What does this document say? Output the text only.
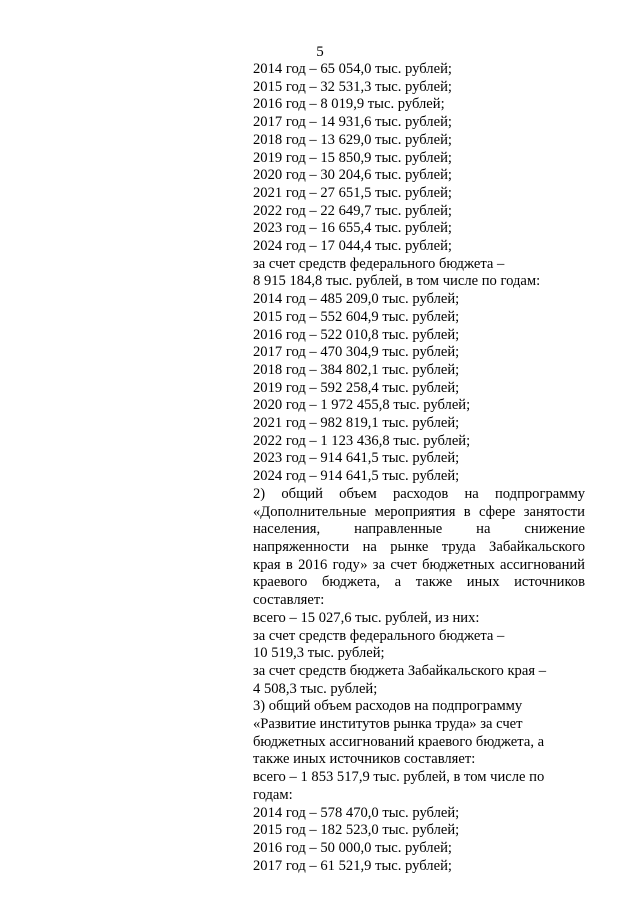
5
2014 год – 65 054,0 тыс. рублей;
2015 год – 32 531,3 тыс. рублей;
2016 год – 8 019,9 тыс. рублей;
2017 год – 14 931,6 тыс. рублей;
2018 год – 13 629,0 тыс. рублей;
2019 год – 15 850,9 тыс. рублей;
2020 год – 30 204,6 тыс. рублей;
2021 год – 27 651,5 тыс. рублей;
2022 год – 22 649,7 тыс. рублей;
2023 год – 16 655,4 тыс. рублей;
2024 год – 17 044,4 тыс. рублей;
за счет средств федерального бюджета –
8 915 184,8 тыс. рублей, в том числе по годам:
2014 год – 485 209,0 тыс. рублей;
2015 год – 552 604,9 тыс. рублей;
2016 год – 522 010,8 тыс. рублей;
2017 год – 470 304,9 тыс. рублей;
2018 год – 384 802,1 тыс. рублей;
2019 год – 592 258,4 тыс. рублей;
2020 год – 1 972 455,8 тыс. рублей;
2021 год – 982 819,1 тыс. рублей;
2022 год – 1 123 436,8 тыс. рублей;
2023 год – 914 641,5 тыс. рублей;
2024 год – 914 641,5 тыс. рублей;
2) общий объем расходов на подпрограмму
«Дополнительные мероприятия в сфере занятости
населения, направленные на снижение
напряженности на рынке труда Забайкальского
края в 2016 году» за счет бюджетных ассигнований
краевого бюджета, а также иных источников
составляет:
всего – 15 027,6 тыс. рублей, из них:
за счет средств федерального бюджета –
10 519,3 тыс. рублей;
за счет средств бюджета Забайкальского края –
4 508,3 тыс. рублей;
3) общий объем расходов на подпрограмму
«Развитие институтов рынка труда» за счет
бюджетных ассигнований краевого бюджета, а
также иных источников составляет:
всего – 1 853 517,9 тыс. рублей, в том числе по
годам:
2014 год – 578 470,0 тыс. рублей;
2015 год – 182 523,0 тыс. рублей;
2016 год – 50 000,0 тыс. рублей;
2017 год – 61 521,9 тыс. рублей;
